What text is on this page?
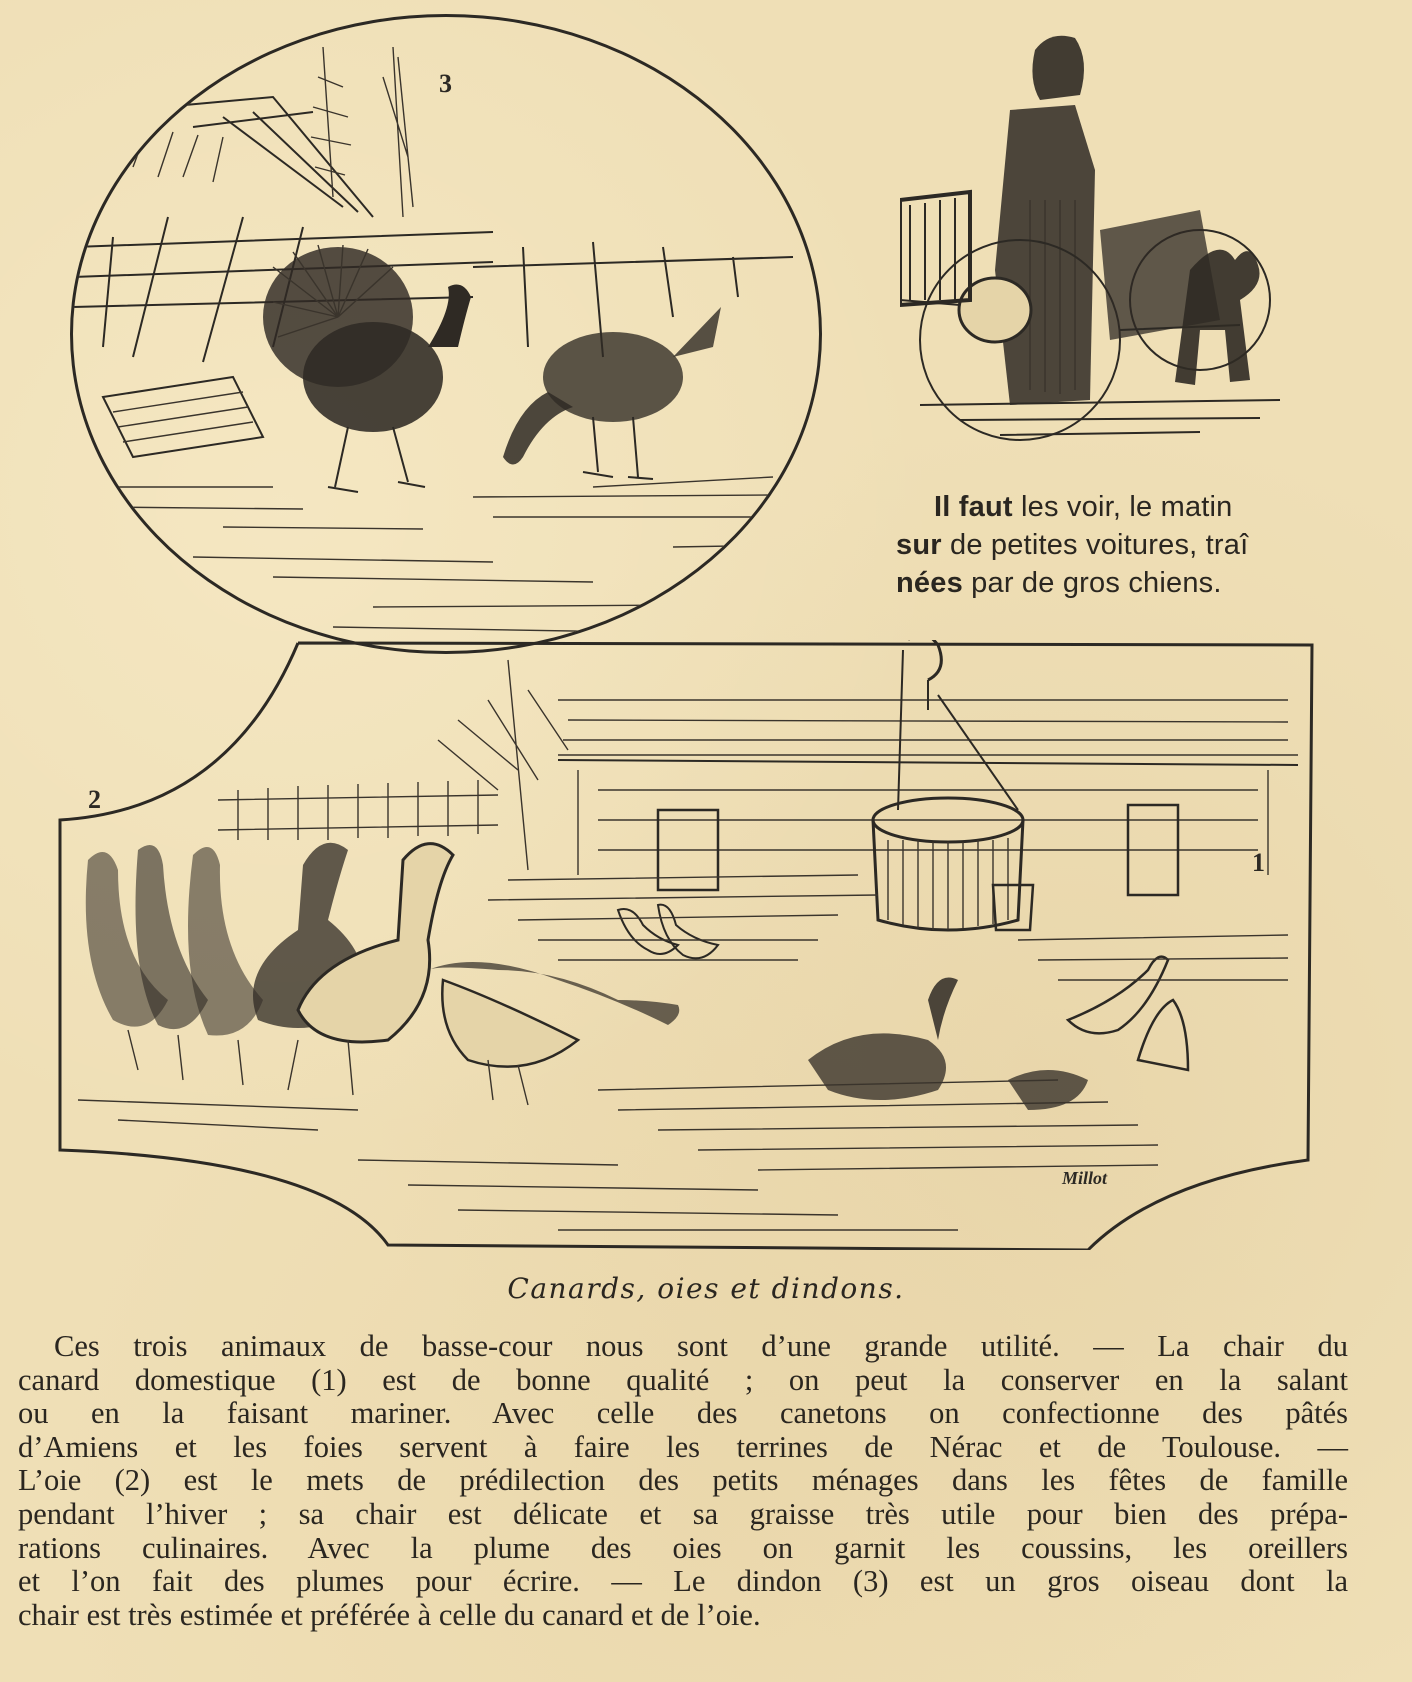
3
Il faut les voir, le matin
sur de petites voitures, traî
nées par de gros chiens.
2
1
Millot
Canards, oies et dindons.
Ces trois animaux de basse-cour nous sont d’une grande utilité. — La chair du
canard domestique (1) est de bonne qualité ; on peut la conserver en la salant
ou en la faisant mariner. Avec celle des canetons on confectionne des pâtés
d’Amiens et les foies servent à faire les terrines de Nérac et de Toulouse. —
L’oie (2) est le mets de prédilection des petits ménages dans les fêtes de famille
pendant l’hiver ; sa chair est délicate et sa graisse très utile pour bien des prépa-
rations culinaires. Avec la plume des oies on garnit les coussins, les oreillers
et l’on fait des plumes pour écrire. — Le dindon (3) est un gros oiseau dont la
chair est très estimée et préférée à celle du canard et de l’oie.
